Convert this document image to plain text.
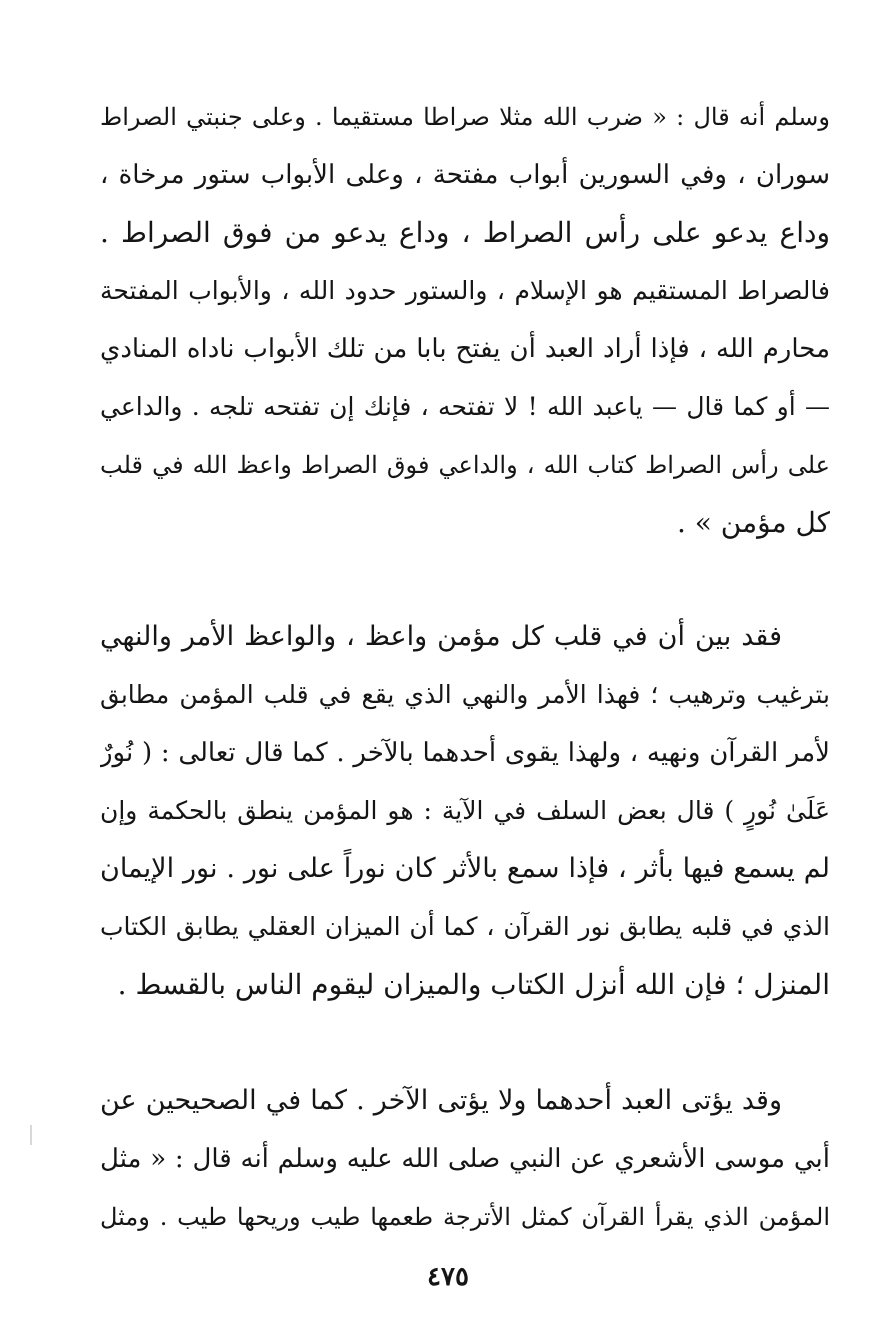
وسلم أنه قال : « ضرب الله مثلا صراطا مستقيما . وعلى جنبتي الصراط
سوران ، وفي السورين أبواب مفتحة ، وعلى الأبواب ستور مرخاة ،
وداع يدعو على رأس الصراط ، وداع يدعو من فوق الصراط .
فالصراط المستقيم هو الإسلام ، والستور حدود الله ، والأبواب المفتحة
محارم الله ، فإذا أراد العبد أن يفتح بابا من تلك الأبواب ناداه المنادي
— أو كما قال — ياعبد الله ! لا تفتحه ، فإنك إن تفتحه تلجه . والداعي
على رأس الصراط كتاب الله ، والداعي فوق الصراط واعظ الله في قلب
كل مؤمن » .
فقد بين أن في قلب كل مؤمن واعظ ، والواعظ الأمر والنهي
بترغيب وترهيب ؛ فهذا الأمر والنهي الذي يقع في قلب المؤمن مطابق
لأمر القرآن ونهيه ، ولهذا يقوى أحدهما بالآخر . كما قال تعالى : ( نُورٌ
عَلَىٰ نُورٍ ) قال بعض السلف في الآية : هو المؤمن ينطق بالحكمة وإن
لم يسمع فيها بأثر ، فإذا سمع بالأثر كان نوراً على نور . نور الإيمان
الذي في قلبه يطابق نور القرآن ، كما أن الميزان العقلي يطابق الكتاب
المنزل ؛ فإن الله أنزل الكتاب والميزان ليقوم الناس بالقسط .
وقد يؤتى العبد أحدهما ولا يؤتى الآخر . كما في الصحيحين عن
أبي موسى الأشعري عن النبي صلى الله عليه وسلم أنه قال : « مثل
المؤمن الذي يقرأ القرآن كمثل الأترجة طعمها طيب وريحها طيب . ومثل
٤٧٥
